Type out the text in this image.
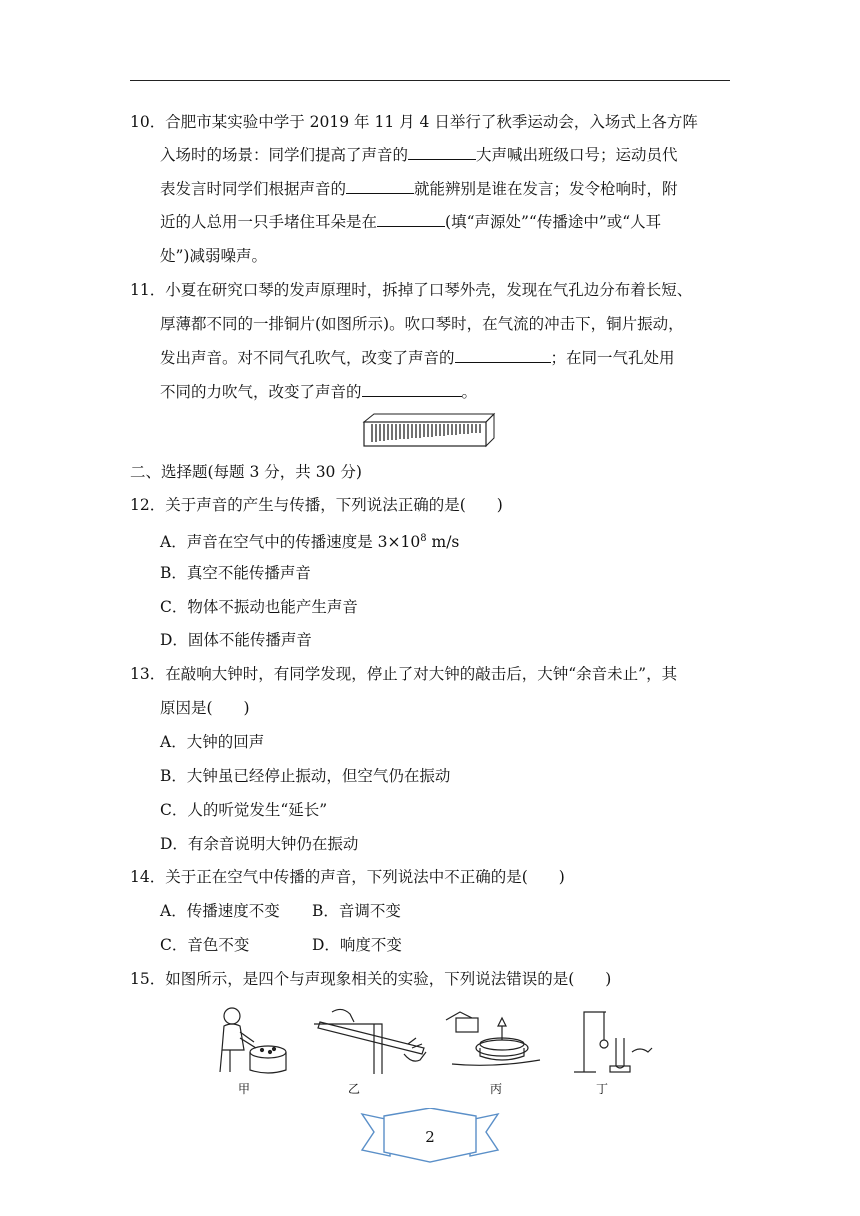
10．合肥市某实验中学于 2019 年 11 月 4 日举行了秋季运动会，入场式上各方阵
入场时的场景：同学们提高了声音的	大声喊出班级口号；运动员代
表发言时同学们根据声音的	就能辨别是谁在发言；发令枪响时，附
近的人总用一只手堵住耳朵是在	(填“声源处”“传播途中”或“人耳
处”)减弱噪声。
11．小夏在研究口琴的发声原理时，拆掉了口琴外壳，发现在气孔边分布着长短、
厚薄都不同的一排铜片(如图所示)。吹口琴时，在气流的冲击下，铜片振动，
发出声音。对不同气孔吹气，改变了声音的	；在同一气孔处用
不同的力吹气，改变了声音的	。
二、选择题(每题 3 分，共 30 分)
12．关于声音的产生与传播，下列说法正确的是(　　)
A．声音在空气中的传播速度是 $3\times 10^8$ m/s
B．真空不能传播声音
C．物体不振动也能产生声音
D．固体不能传播声音
13．在敲响大钟时，有同学发现，停止了对大钟的敲击后，大钟“余音未止”，其
原因是(　　)
A．大钟的回声
B．大钟虽已经停止振动，但空气仍在振动
C．人的听觉发生“延长”
D．有余音说明大钟仍在振动
14．关于正在空气中传播的声音，下列说法中不正确的是(　　)
A．传播速度不变 B．音调不变
C．音色不变	D．响度不变
15．如图所示，是四个与声现象相关的实验，下列说法错误的是(　　)
甲	乙	丙	丁
2
